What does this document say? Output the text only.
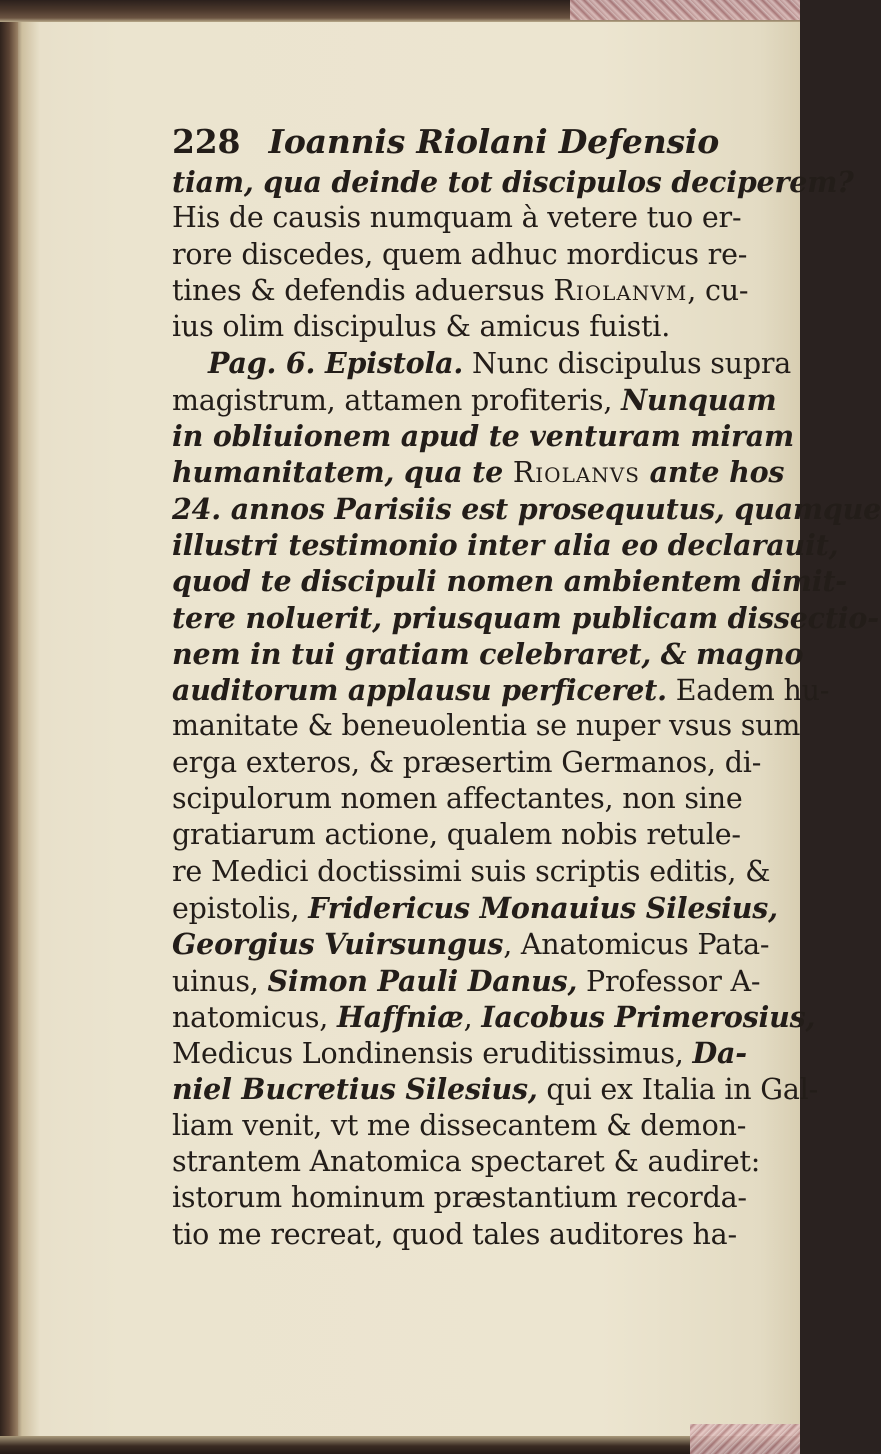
228 Ioannis Riolani Defensio
tiam, qua deinde tot discipulos deciperem?
His de causis numquam à vetere tuo er-
rore discedes, quem adhuc mordicus re-
tines & defendis aduersus Riolanvm, cu-
ius olim discipulus & amicus fuisti.
Pag. 6. Epistola. Nunc discipulus supra
magistrum, attamen profiteris, Nunquam
in obliuionem apud te venturam miram
humanitatem, qua te Riolanvs ante hos
24. annos Parisiis est prosequutus, quamque
illustri testimonio inter alia eo declarauit,
quod te discipuli nomen ambientem dimit-
tere noluerit, priusquam publicam dissectio-
nem in tui gratiam celebraret, & magno
auditorum applausu perficeret. Eadem hu-
manitate & beneuolentia se nuper vsus sum
erga exteros, & præsertim Germanos, di-
scipulorum nomen affectantes, non sine
gratiarum actione, qualem nobis retule-
re Medici doctissimi suis scriptis editis, &
epistolis, Fridericus Monauius Silesius,
Georgius Vuirsungus, Anatomicus Pata-
uinus, Simon Pauli Danus, Professor A-
natomicus, Haffniæ, Iacobus Primerosius,
Medicus Londinensis eruditissimus, Da-
niel Bucretius Silesius, qui ex Italia in Gal-
liam venit, vt me dissecantem & demon-
strantem Anatomica spectaret & audiret:
istorum hominum præstantium recorda-
tio me recreat, quod tales auditores ha-
